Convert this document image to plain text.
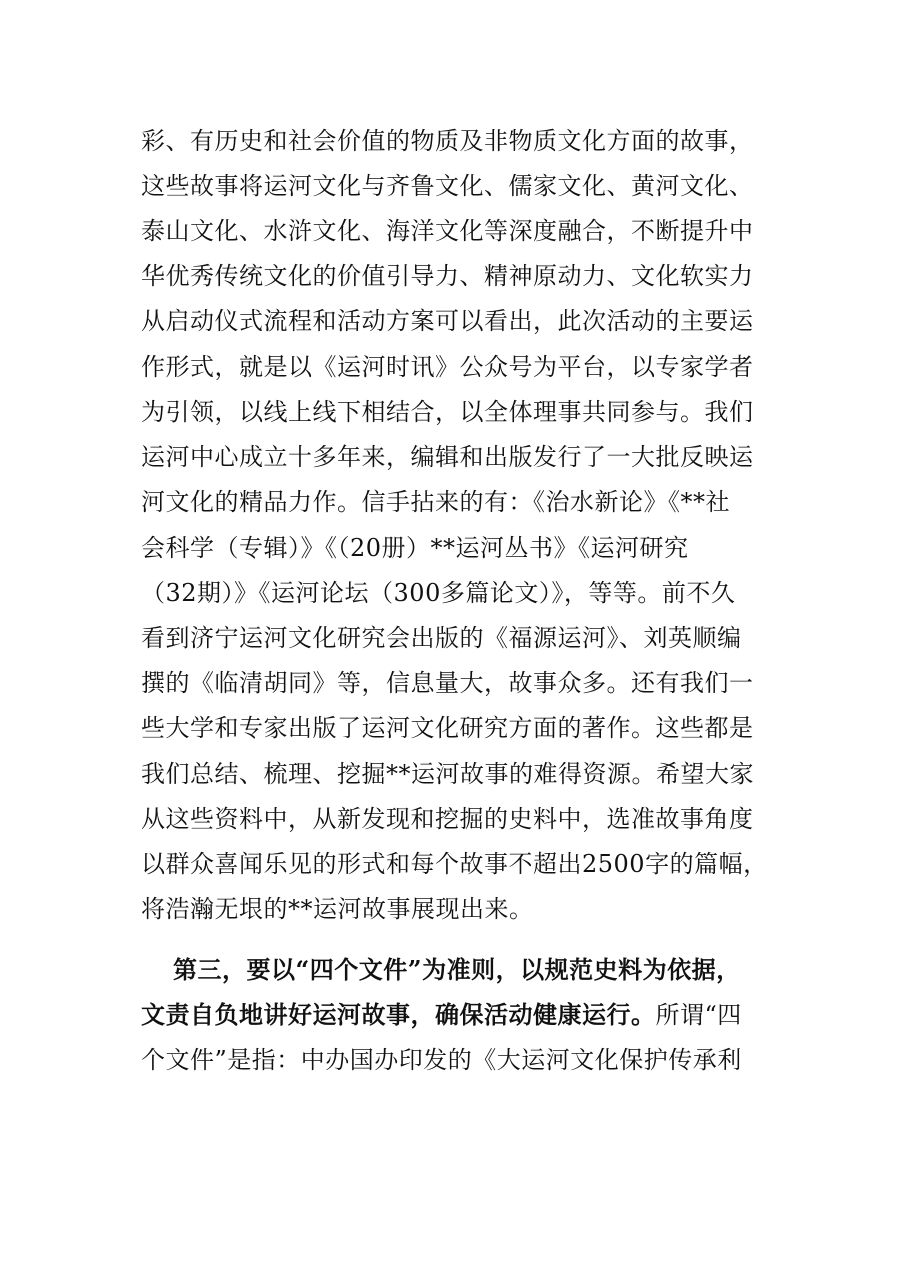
彩、有历史和社会价值的物质及非物质文化方面的故事，
这些故事将运河文化与齐鲁文化、儒家文化、黄河文化、
泰山文化、水浒文化、海洋文化等深度融合，不断提升中
华优秀传统文化的价值引导力、精神原动力、文化软实力
从启动仪式流程和活动方案可以看出，此次活动的主要运
作形式，就是以《运河时讯》公众号为平台，以专家学者
为引领，以线上线下相结合，以全体理事共同参与。我们
运河中心成立十多年来，编辑和出版发行了一大批反映运
河文化的精品力作。信手拈来的有：《治水新论》《**社
会科学（专辑）》《（20册）**运河丛书》《运河研究
（32期）》《运河论坛（300多篇论文）》，等等。前不久
看到济宁运河文化研究会出版的《福源运河》、刘英顺编
撰的《临清胡同》等，信息量大，故事众多。还有我们一
些大学和专家出版了运河文化研究方面的著作。这些都是
我们总结、梳理、挖掘**运河故事的难得资源。希望大家
从这些资料中，从新发现和挖掘的史料中，选准故事角度
以群众喜闻乐见的形式和每个故事不超出2500字的篇幅，
将浩瀚无垠的**运河故事展现出来。
第三，要以“四个文件”为准则，以规范史料为依据，
文责自负地讲好运河故事，确保活动健康运行。所谓“四
个文件”是指：中办国办印发的《大运河文化保护传承利
